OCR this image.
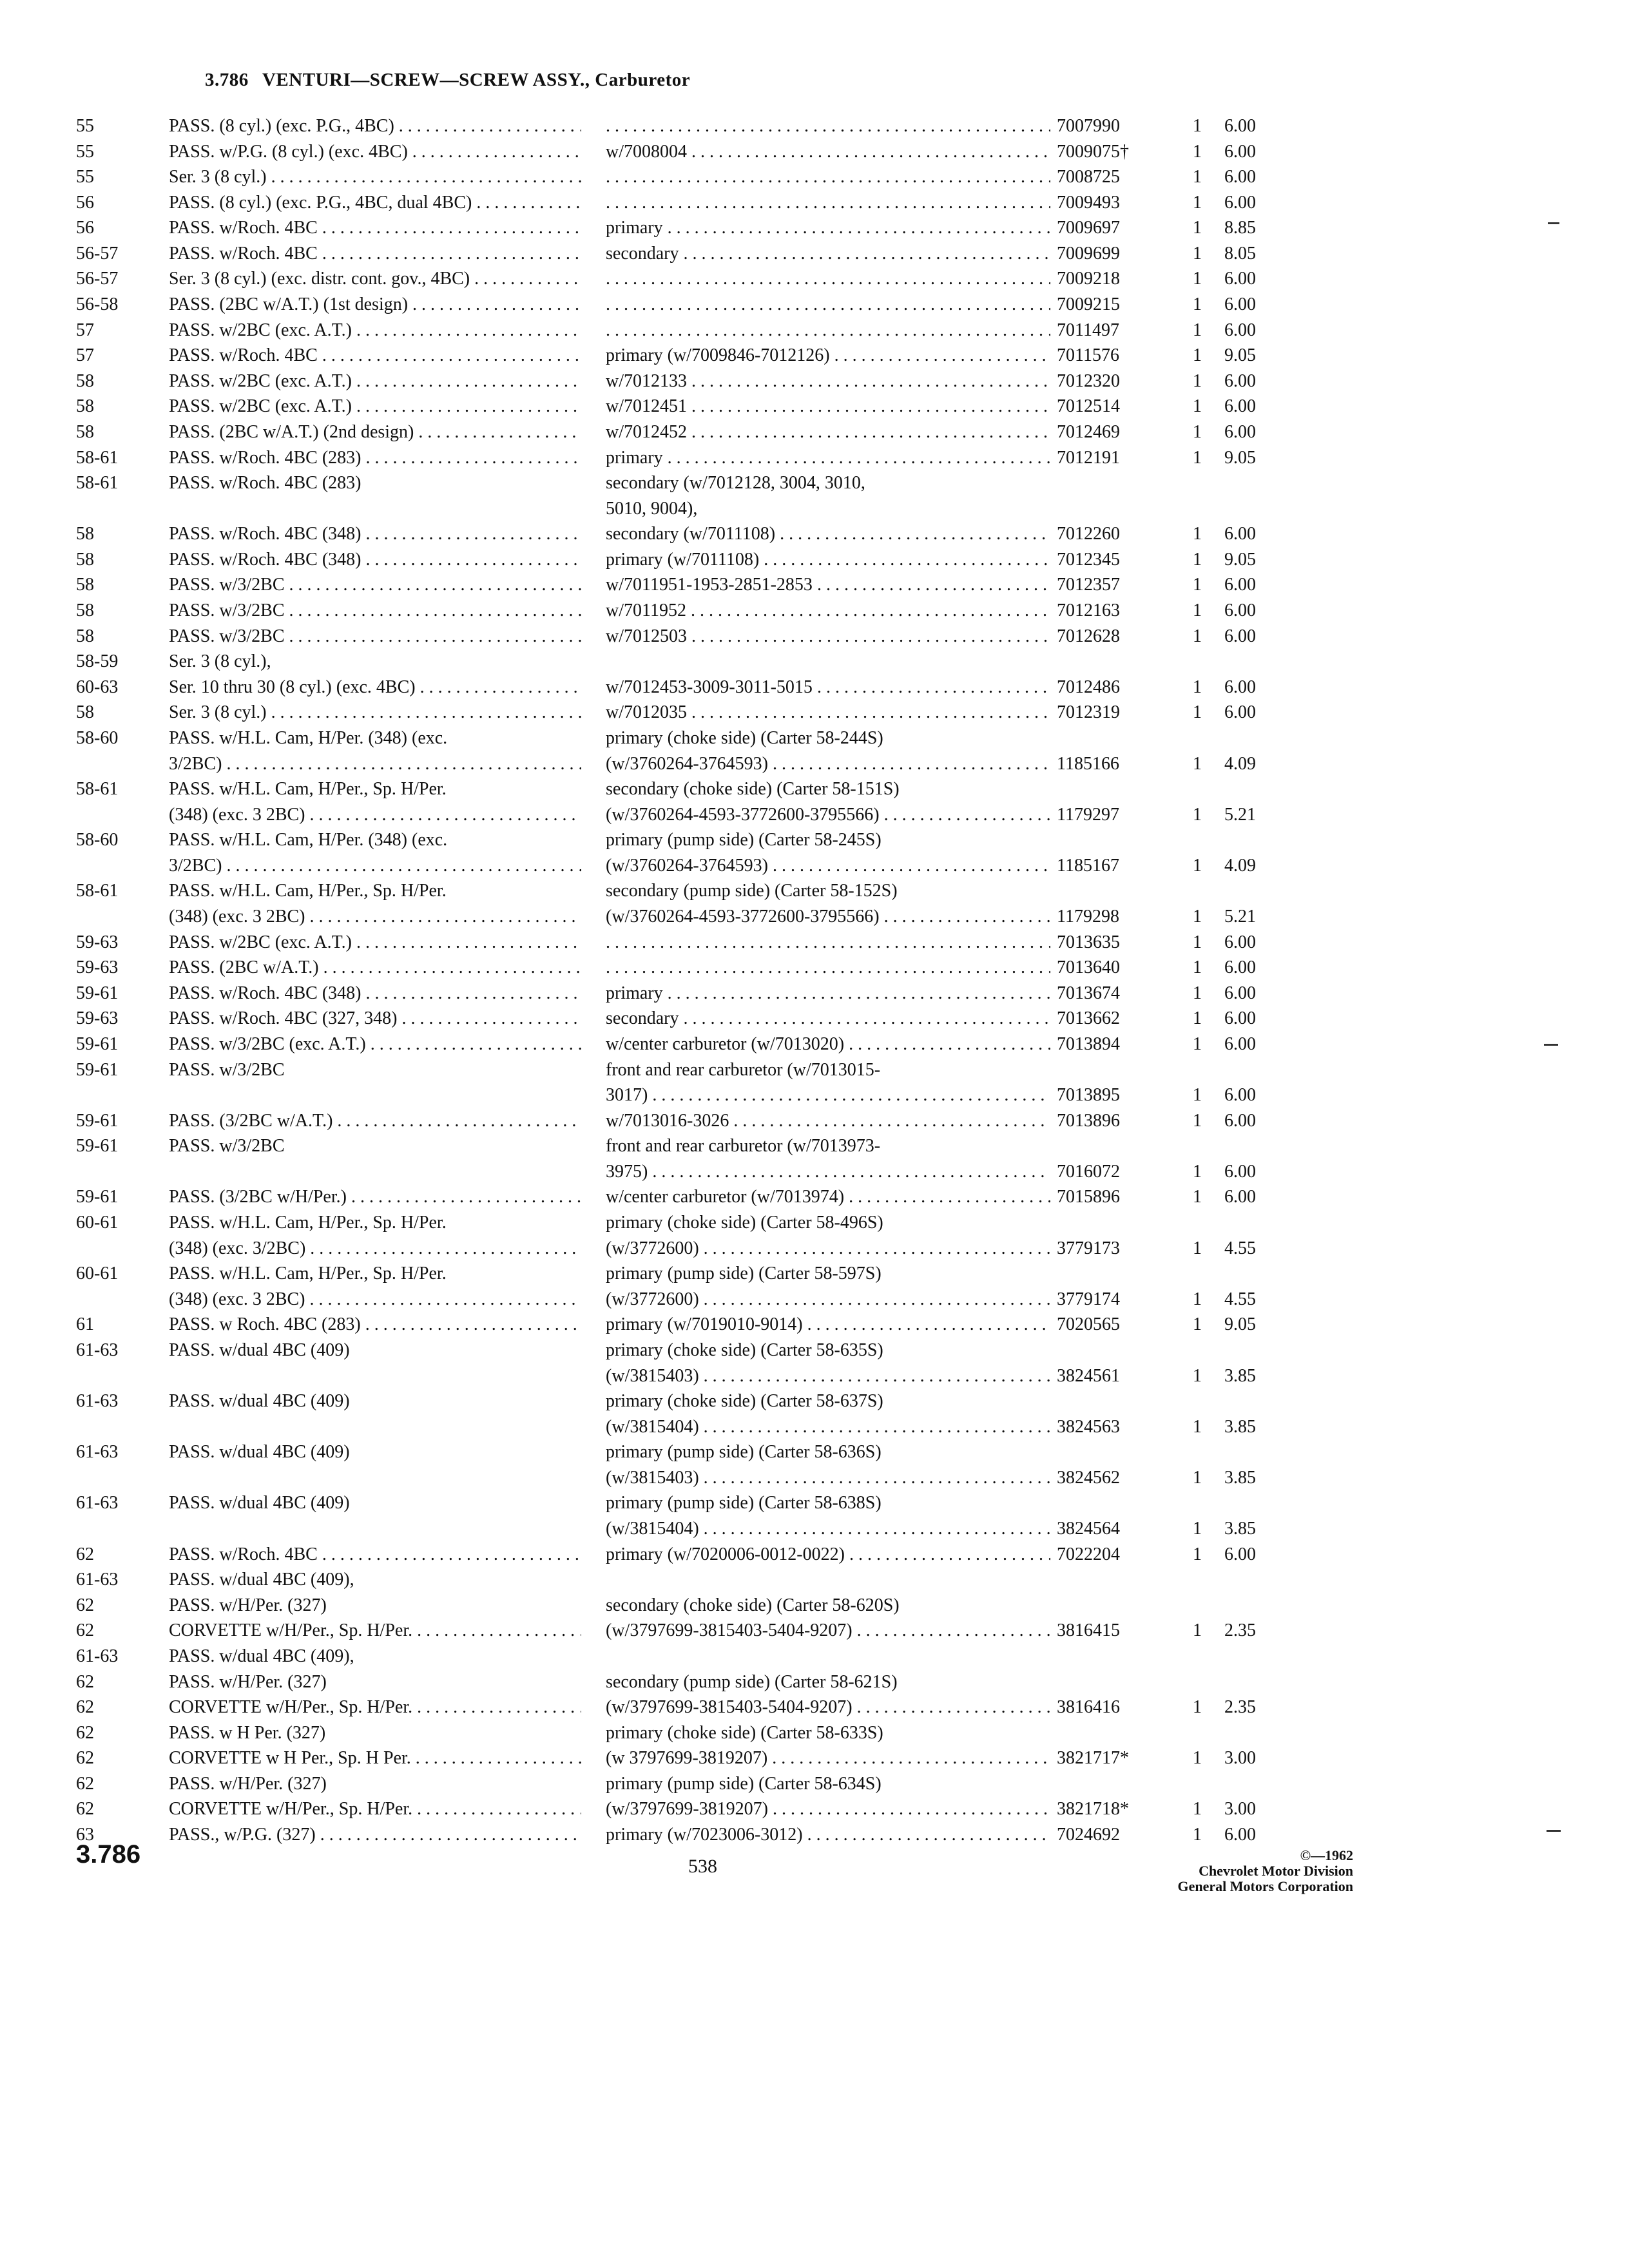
3.786 VENTURI—SCREW—SCREW ASSY., Carburetor
55	PASS. (8 cyl.) (exc. P.G., 4BC) . . . . . .	7007990	1	6.00
55	PASS. w/P.G. (8 cyl.) (exc. 4BC) . . .	w/7008004 . . .	7009075†	1	6.00
55	Ser. 3 (8 cyl.) . . . . . .	7008725	1	6.00
56	PASS. (8 cyl.) (exc. P.G., 4BC, dual 4BC) . . . . . .	7009493	1	6.00
56	PASS. w/Roch. 4BC . . .	primary . . .	7009697	1	8.85
56-57	PASS. w/Roch. 4BC . . .	secondary . . .	7009699	1	8.05
56-57	Ser. 3 (8 cyl.) (exc. distr. cont. gov., 4BC) . . . . . .	7009218	1	6.00
56-58	PASS. (2BC w/A.T.) (1st design) . . . . . .	7009215	1	6.00
57	PASS. w/2BC (exc. A.T.) . . . . . .	7011497	1	6.00
57	PASS. w/Roch. 4BC . . .	primary (w/7009846-7012126) . . .	7011576	1	9.05
58	PASS. w/2BC (exc. A.T.) . . .	w/7012133 . . .	7012320	1	6.00
58	PASS. w/2BC (exc. A.T.) . . .	w/7012451 . . .	7012514	1	6.00
58	PASS. (2BC w/A.T.) (2nd design) . . .	w/7012452 . . .	7012469	1	6.00
58-61	PASS. w/Roch. 4BC (283) . . .	primary . . .	7012191	1	9.05
58-61	PASS. w/Roch. 4BC (283)	secondary (w/7012128, 3004, 3010,
5010, 9004),
58	PASS. w/Roch. 4BC (348) . . .	secondary (w/7011108) . . .	7012260	1	6.00
58	PASS. w/Roch. 4BC (348) . . .	primary (w/7011108) . . .	7012345	1	9.05
58	PASS. w/3/2BC . . .	w/7011951-1953-2851-2853 . . .	7012357	1	6.00
58	PASS. w/3/2BC . . .	w/7011952 . . .	7012163	1	6.00
58	PASS. w/3/2BC . . .	w/7012503 . . .	7012628	1	6.00
58-59	Ser. 3 (8 cyl.),
60-63	Ser. 10 thru 30 (8 cyl.) (exc. 4BC) . . .	w/7012453-3009-3011-5015 . . .	7012486	1	6.00
58	Ser. 3 (8 cyl.) . . .	w/7012035 . . .	7012319	1	6.00
58-60	PASS. w/H.L. Cam, H/Per. (348) (exc.	primary (choke side) (Carter 58-244S)
3/2BC) . . .	(w/3760264-3764593) . . .	1185166	1	4.09
58-61	PASS. w/H.L. Cam, H/Per., Sp. H/Per.	secondary (choke side) (Carter 58-151S)
(348) (exc. 3 2BC) . . .	(w/3760264-4593-3772600-3795566) . . .	1179297	1	5.21
58-60	PASS. w/H.L. Cam, H/Per. (348) (exc.	primary (pump side) (Carter 58-245S)
3/2BC) . . .	(w/3760264-3764593) . . .	1185167	1	4.09
58-61	PASS. w/H.L. Cam, H/Per., Sp. H/Per.	secondary (pump side) (Carter 58-152S)
(348) (exc. 3 2BC) . . .	(w/3760264-4593-3772600-3795566) . . .	1179298	1	5.21
59-63	PASS. w/2BC (exc. A.T.) . . . . . .	7013635	1	6.00
59-63	PASS. (2BC w/A.T.) . . . . . .	7013640	1	6.00
59-61	PASS. w/Roch. 4BC (348) . . .	primary . . .	7013674	1	6.00
59-63	PASS. w/Roch. 4BC (327, 348) . . .	secondary . . .	7013662	1	6.00
59-61	PASS. w/3/2BC (exc. A.T.) . . .	w/center carburetor (w/7013020) . . .	7013894	1	6.00
59-61	PASS. w/3/2BC	front and rear carburetor (w/7013015-
3017) . . .	7013895	1	6.00
59-61	PASS. (3/2BC w/A.T.) . . .	w/7013016-3026 . . .	7013896	1	6.00
59-61	PASS. w/3/2BC	front and rear carburetor (w/7013973-
3975) . . .	7016072	1	6.00
59-61	PASS. (3/2BC w/H/Per.) . . .	w/center carburetor (w/7013974) . . .	7015896	1	6.00
60-61	PASS. w/H.L. Cam, H/Per., Sp. H/Per.	primary (choke side) (Carter 58-496S)
(348) (exc. 3/2BC) . . .	(w/3772600) . . .	3779173	1	4.55
60-61	PASS. w/H.L. Cam, H/Per., Sp. H/Per.	primary (pump side) (Carter 58-597S)
(348) (exc. 3 2BC) . . .	(w/3772600) . . .	3779174	1	4.55
61	PASS. w Roch. 4BC (283) . . .	primary (w/7019010-9014) . . .	7020565	1	9.05
61-63	PASS. w/dual 4BC (409)	primary (choke side) (Carter 58-635S)
(w/3815403) . . .	3824561	1	3.85
61-63	PASS. w/dual 4BC (409)	primary (choke side) (Carter 58-637S)
(w/3815404) . . .	3824563	1	3.85
61-63	PASS. w/dual 4BC (409)	primary (pump side) (Carter 58-636S)
(w/3815403) . . .	3824562	1	3.85
61-63	PASS. w/dual 4BC (409)	primary (pump side) (Carter 58-638S)
(w/3815404) . . .	3824564	1	3.85
62	PASS. w/Roch. 4BC . . .	primary (w/7020006-0012-0022) . . .	7022204	1	6.00
61-63	PASS. w/dual 4BC (409),
62	PASS. w/H/Per. (327)	secondary (choke side) (Carter 58-620S)
62	CORVETTE w/H/Per., Sp. H/Per. . . .	(w/3797699-3815403-5404-9207) . . .	3816415	1	2.35
61-63	PASS. w/dual 4BC (409),
62	PASS. w/H/Per. (327)	secondary (pump side) (Carter 58-621S)
62	CORVETTE w/H/Per., Sp. H/Per. . . .	(w/3797699-3815403-5404-9207) . . .	3816416	1	2.35
62	PASS. w H Per. (327)	primary (choke side) (Carter 58-633S)
62	CORVETTE w H Per., Sp. H Per. . . .	(w 3797699-3819207) . . .	3821717*	1	3.00
62	PASS. w/H/Per. (327)	primary (pump side) (Carter 58-634S)
62	CORVETTE w/H/Per., Sp. H/Per. . . .	(w/3797699-3819207) . . .	3821718*	1	3.00
63	PASS., w/P.G. (327) . . .	primary (w/7023006-3012) . . .	7024692	1	6.00
3.786	538
©—1962
Chevrolet Motor Division
General Motors Corporation
